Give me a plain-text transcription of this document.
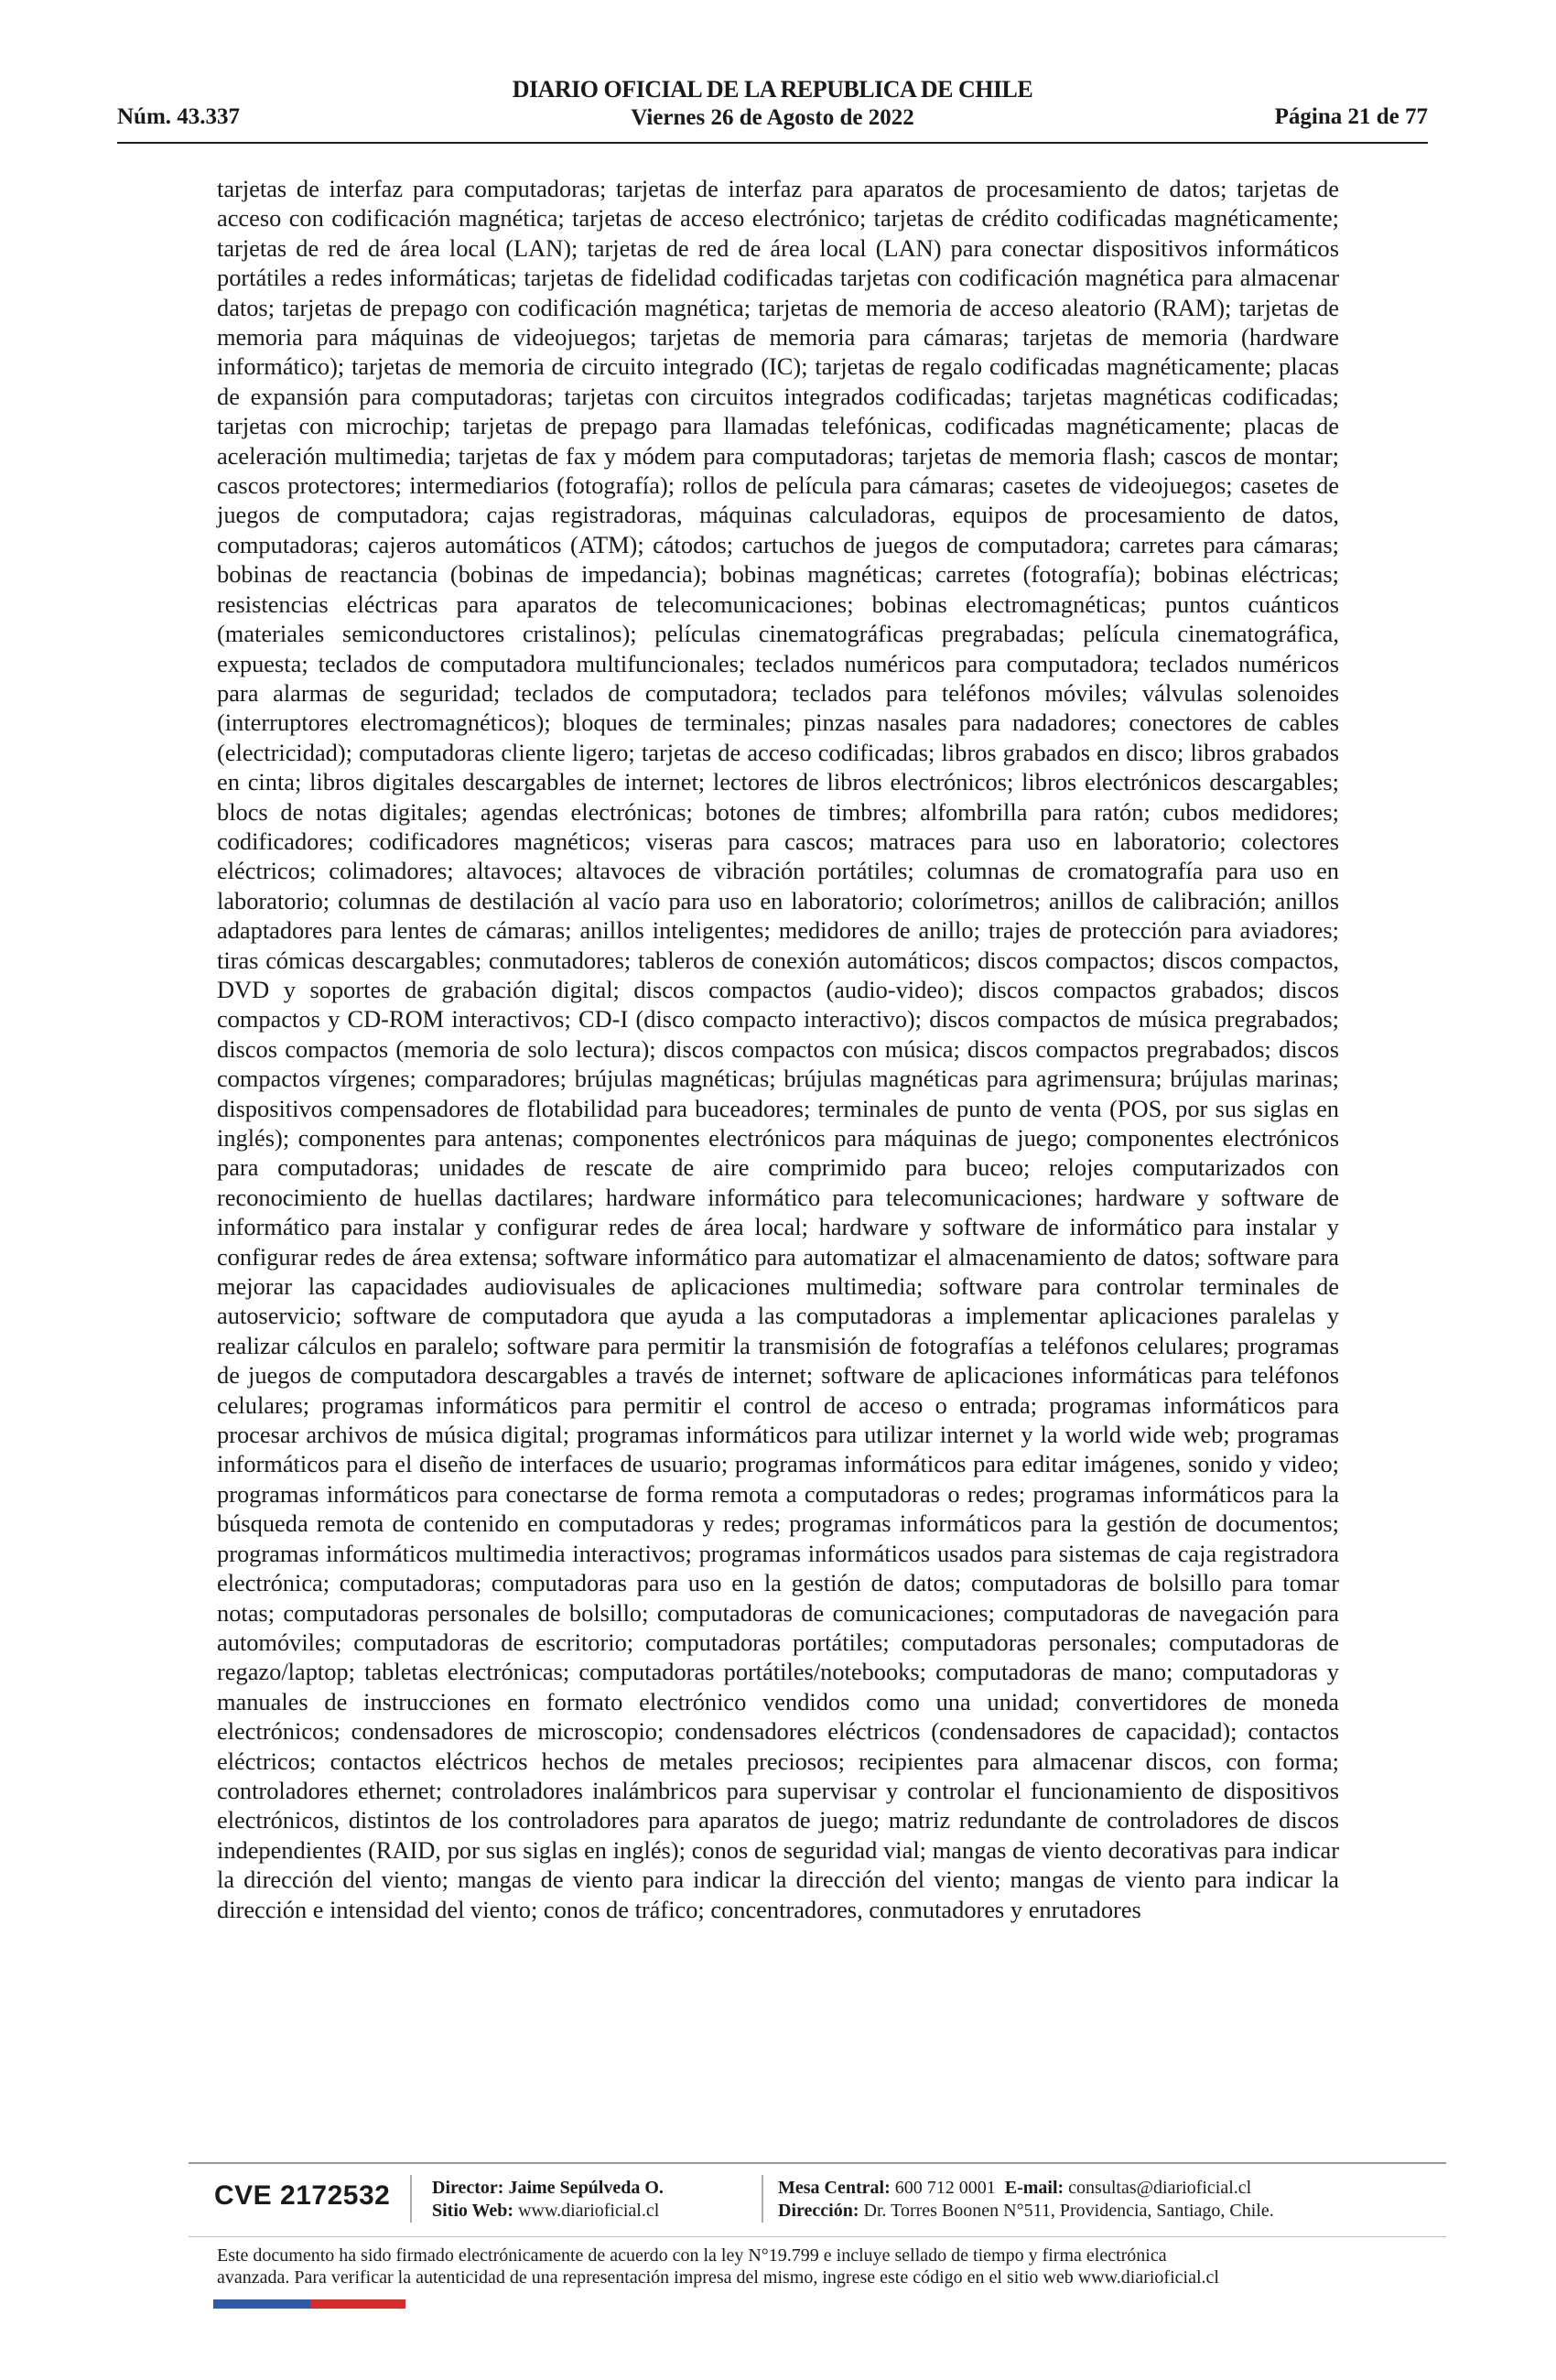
Núm. 43.337
DIARIO OFICIAL DE LA REPUBLICA DE CHILE
Viernes 26 de Agosto de 2022	Página 21 de 77
tarjetas de interfaz para computadoras; tarjetas de interfaz para aparatos de procesamiento de datos; tarjetas de acceso con codificación magnética; tarjetas de acceso electrónico; tarjetas de crédito codificadas magnéticamente; tarjetas de red de área local (LAN); tarjetas de red de área local (LAN) para conectar dispositivos informáticos portátiles a redes informáticas; tarjetas de fidelidad codificadas tarjetas con codificación magnética para almacenar datos; tarjetas de prepago con codificación magnética; tarjetas de memoria de acceso aleatorio (RAM); tarjetas de memoria para máquinas de videojuegos; tarjetas de memoria para cámaras; tarjetas de memoria (hardware informático); tarjetas de memoria de circuito integrado (IC); tarjetas de regalo codificadas magnéticamente; placas de expansión para computadoras; tarjetas con circuitos integrados codificadas; tarjetas magnéticas codificadas; tarjetas con microchip; tarjetas de prepago para llamadas telefónicas, codificadas magnéticamente; placas de aceleración multimedia; tarjetas de fax y módem para computadoras; tarjetas de memoria flash; cascos de montar; cascos protectores; intermediarios (fotografía); rollos de película para cámaras; casetes de videojuegos; casetes de juegos de computadora; cajas registradoras, máquinas calculadoras, equipos de procesamiento de datos, computadoras; cajeros automáticos (ATM); cátodos; cartuchos de juegos de computadora; carretes para cámaras; bobinas de reactancia (bobinas de impedancia); bobinas magnéticas; carretes (fotografía); bobinas eléctricas; resistencias eléctricas para aparatos de telecomunicaciones; bobinas electromagnéticas; puntos cuánticos (materiales semiconductores cristalinos); películas cinematográficas pregrabadas; película cinematográfica, expuesta; teclados de computadora multifuncionales; teclados numéricos para computadora; teclados numéricos para alarmas de seguridad; teclados de computadora; teclados para teléfonos móviles; válvulas solenoides (interruptores electromagnéticos); bloques de terminales; pinzas nasales para nadadores; conectores de cables (electricidad); computadoras cliente ligero; tarjetas de acceso codificadas; libros grabados en disco; libros grabados en cinta; libros digitales descargables de internet; lectores de libros electrónicos; libros electrónicos descargables; blocs de notas digitales; agendas electrónicas; botones de timbres; alfombrilla para ratón; cubos medidores; codificadores; codificadores magnéticos; viseras para cascos; matraces para uso en laboratorio; colectores eléctricos; colimadores; altavoces; altavoces de vibración portátiles; columnas de cromatografía para uso en laboratorio; columnas de destilación al vacío para uso en laboratorio; colorímetros; anillos de calibración; anillos adaptadores para lentes de cámaras; anillos inteligentes; medidores de anillo; trajes de protección para aviadores; tiras cómicas descargables; conmutadores; tableros de conexión automáticos; discos compactos; discos compactos, DVD y soportes de grabación digital; discos compactos (audio-video); discos compactos grabados; discos compactos y CD-ROM interactivos; CD-I (disco compacto interactivo); discos compactos de música pregrabados; discos compactos (memoria de solo lectura); discos compactos con música; discos compactos pregrabados; discos compactos vírgenes; comparadores; brújulas magnéticas; brújulas magnéticas para agrimensura; brújulas marinas; dispositivos compensadores de flotabilidad para buceadores; terminales de punto de venta (POS, por sus siglas en inglés); componentes para antenas; componentes electrónicos para máquinas de juego; componentes electrónicos para computadoras; unidades de rescate de aire comprimido para buceo; relojes computarizados con reconocimiento de huellas dactilares; hardware informático para telecomunicaciones; hardware y software de informático para instalar y configurar redes de área local; hardware y software de informático para instalar y configurar redes de área extensa; software informático para automatizar el almacenamiento de datos; software para mejorar las capacidades audiovisuales de aplicaciones multimedia; software para controlar terminales de autoservicio; software de computadora que ayuda a las computadoras a implementar aplicaciones paralelas y realizar cálculos en paralelo; software para permitir la transmisión de fotografías a teléfonos celulares; programas de juegos de computadora descargables a través de internet; software de aplicaciones informáticas para teléfonos celulares; programas informáticos para permitir el control de acceso o entrada; programas informáticos para procesar archivos de música digital; programas informáticos para utilizar internet y la world wide web; programas informáticos para el diseño de interfaces de usuario; programas informáticos para editar imágenes, sonido y video; programas informáticos para conectarse de forma remota a computadoras o redes; programas informáticos para la búsqueda remota de contenido en computadoras y redes; programas informáticos para la gestión de documentos; programas informáticos multimedia interactivos; programas informáticos usados para sistemas de caja registradora electrónica; computadoras; computadoras para uso en la gestión de datos; computadoras de bolsillo para tomar notas; computadoras personales de bolsillo; computadoras de comunicaciones; computadoras de navegación para automóviles; computadoras de escritorio; computadoras portátiles; computadoras personales; computadoras de regazo/laptop; tabletas electrónicas; computadoras portátiles/notebooks; computadoras de mano; computadoras y manuales de instrucciones en formato electrónico vendidos como una unidad; convertidores de moneda electrónicos; condensadores de microscopio; condensadores eléctricos (condensadores de capacidad); contactos eléctricos; contactos eléctricos hechos de metales preciosos; recipientes para almacenar discos, con forma; controladores ethernet; controladores inalámbricos para supervisar y controlar el funcionamiento de dispositivos electrónicos, distintos de los controladores para aparatos de juego; matriz redundante de controladores de discos independientes (RAID, por sus siglas en inglés); conos de seguridad vial; mangas de viento decorativas para indicar la dirección del viento; mangas de viento para indicar la dirección del viento; mangas de viento para indicar la dirección e intensidad del viento; conos de tráfico; concentradores, conmutadores y enrutadores
CVE 2172532 Director: Jaime Sepúlveda O.
Sitio Web: www.diarioficial.cl
Mesa Central: 600 712 0001 E-mail: consultas@diarioficial.cl
Dirección: Dr. Torres Boonen N°511, Providencia, Santiago, Chile.
Este documento ha sido firmado electrónicamente de acuerdo con la ley N°19.799 e incluye sellado de tiempo y firma electrónica
avanzada. Para verificar la autenticidad de una representación impresa del mismo, ingrese este código en el sitio web www.diarioficial.cl
